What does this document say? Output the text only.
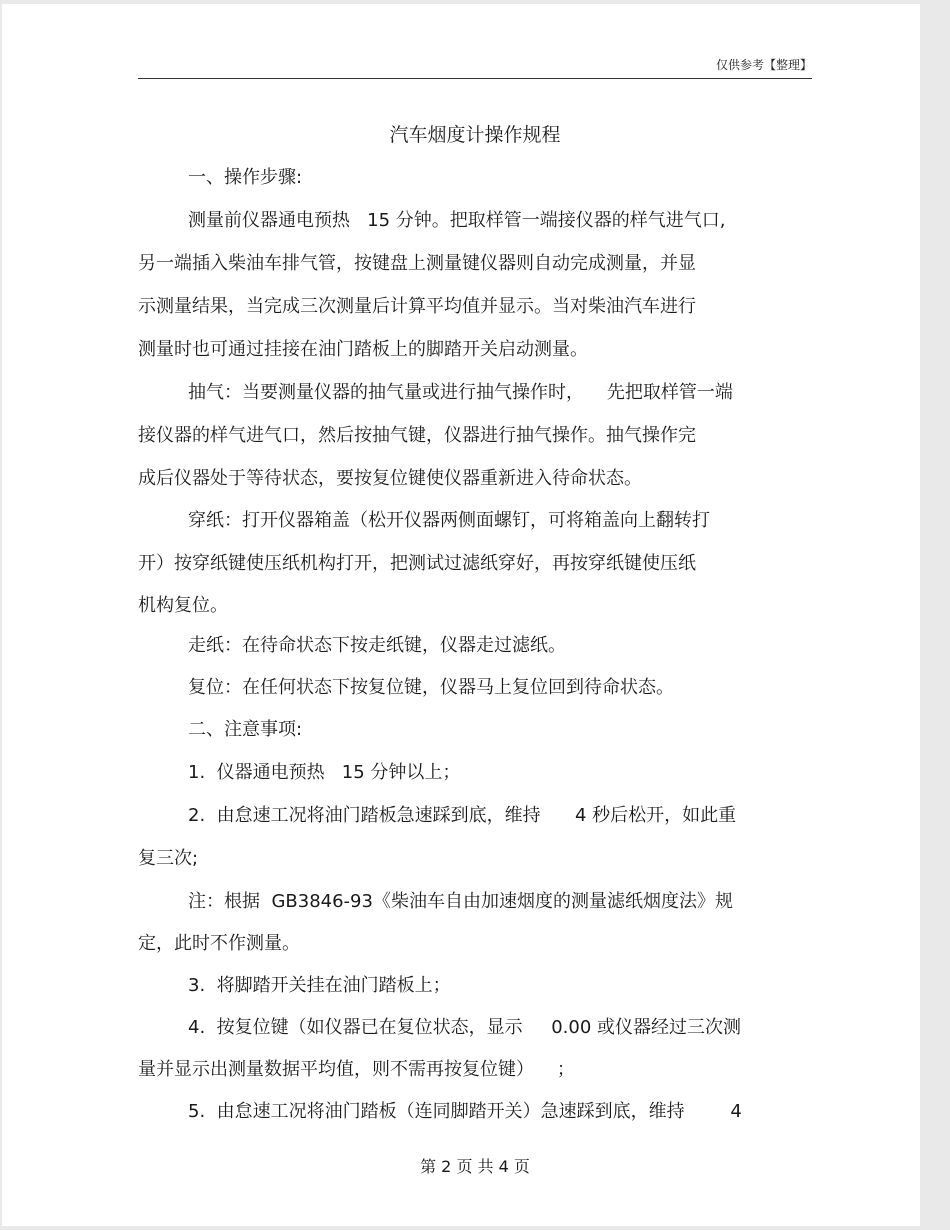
仅供参考【整理】
汽车烟度计操作规程
一、操作步骤:
测量前仪器通电预热   15 分钟。把取样管一端接仪器的样气进气口,
另一端插入柴油车排气管，按键盘上测量键仪器则自动完成测量，并显
示测量结果，当完成三次测量后计算平均值并显示。当对柴油汽车进行
测量时也可通过挂接在油门踏板上的脚踏开关启动测量。
抽气：当要测量仪器的抽气量或进行抽气操作时，    先把取样管一端
接仪器的样气进气口，然后按抽气键，仪器进行抽气操作。抽气操作完
成后仪器处于等待状态，要按复位键使仪器重新进入待命状态。
穿纸：打开仪器箱盖（松开仪器两侧面螺钉，可将箱盖向上翻转打
开）按穿纸键使压纸机构打开，把测试过滤纸穿好，再按穿纸键使压纸
机构复位。
走纸：在待命状态下按走纸键，仪器走过滤纸。
复位：在任何状态下按复位键，仪器马上复位回到待命状态。
二、注意事项:
1.  仪器通电预热   15 分钟以上；
2.  由怠速工况将油门踏板急速踩到底，维持      4 秒后松开，如此重
复三次;
注：根据  GB3846-93《柴油车自由加速烟度的测量滤纸烟度法》规
定，此时不作测量。
3.  将脚踏开关挂在油门踏板上；
4.  按复位键（如仪器已在复位状态，显示     0.00 或仪器经过三次测
量并显示出测量数据平均值，则不需再按复位键）    ；
5.  由怠速工况将油门踏板（连同脚踏开关）急速踩到底，维持        4
第 2 页 共 4 页
